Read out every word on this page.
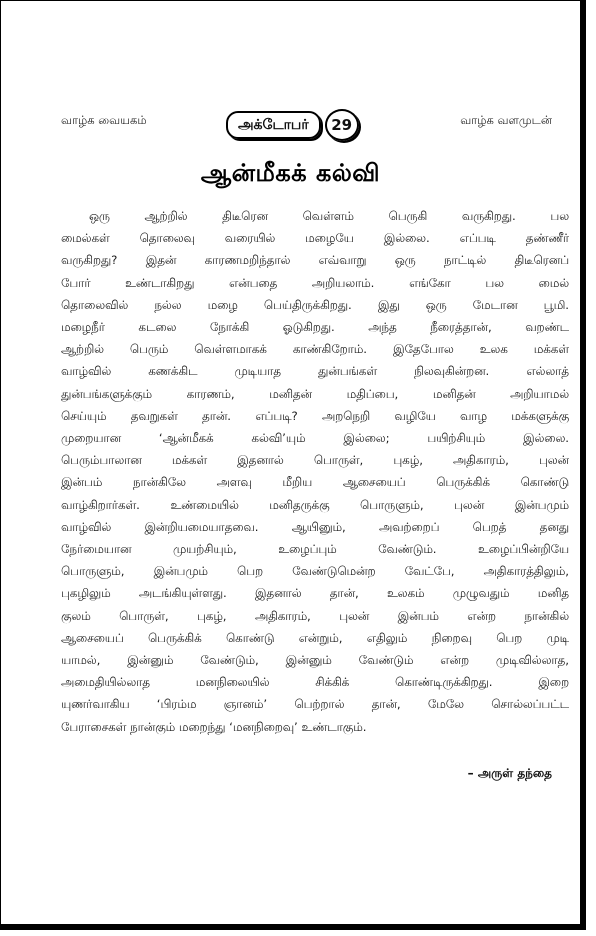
வாழ்க வையகம்	அக்டோபர்	29	வாழ்க வளமுடன்
ஆன்மீகக் கல்வி
ஒரு ஆற்றில் திடீரென வெள்ளம் பெருகி வருகிறது. பல
மைல்கள் தொலைவு வரையில் மழையே இல்லை. எப்படி தண்ணீர்
வருகிறது? இதன் காரணமறிந்தால் எவ்வாறு ஒரு நாட்டில் திடீரெனப்
போர் உண்டாகிறது என்பதை அறியலாம். எங்கோ பல மைல்
தொலைவில் நல்ல மழை பெய்திருக்கிறது. இது ஒரு மேடான பூமி.
மழைநீர் கடலை நோக்கி ஓடுகிறது. அந்த நீரைத்தான், வறண்ட
ஆற்றில் பெரும் வெள்ளமாகக் காண்கிறோம். இதேபோல உலக மக்கள்
வாழ்வில் கணக்கிட முடியாத துன்பங்கள் நிலவுகின்றன. எல்லாத்
துன்பங்களுக்கும் காரணம், மனிதன் மதிப்பை, மனிதன் அறியாமல்
செய்யும் தவறுகள் தான். எப்படி? அறநெறி வழியே வாழ மக்களுக்கு
முறையான ‘ஆன்மீகக் கல்வி’யும் இல்லை; பயிற்சியும் இல்லை.
பெரும்பாலான மக்கள் இதனால் பொருள், புகழ், அதிகாரம், புலன்
இன்பம் நான்கிலே அளவு மீறிய ஆசையைப் பெருக்கிக் கொண்டு
வாழ்கிறார்கள். உண்மையில் மனிதருக்கு பொருளும், புலன் இன்பமும்
வாழ்வில் இன்றியமையாதவை. ஆயினும், அவற்றைப் பெறத் தனது
நேர்மையான முயற்சியும், உழைப்பும் வேண்டும். உழைப்பின்றியே
பொருளும், இன்பமும் பெற வேண்டுமென்ற வேட்பே, அதிகாரத்திலும்,
புகழிலும் அடங்கியுள்ளது. இதனால் தான், உலகம் முழுவதும் மனித
குலம் பொருள், புகழ், அதிகாரம், புலன் இன்பம் என்ற நான்கில்
ஆசையைப் பெருக்கிக் கொண்டு என்றும், எதிலும் நிறைவு பெற முடி
யாமல், இன்னும் வேண்டும், இன்னும் வேண்டும் என்ற முடிவில்லாத,
அமைதியில்லாத மனநிலையில் சிக்கிக் கொண்டிருக்கிறது. இறை
யுணர்வாகிய ‘பிரம்ம ஞானம்’ பெற்றால் தான், மேலே சொல்லப்பட்ட
பேராசைகள் நான்கும் மறைந்து ‘மனநிறைவு’ உண்டாகும்.
– அருள் தந்தை
